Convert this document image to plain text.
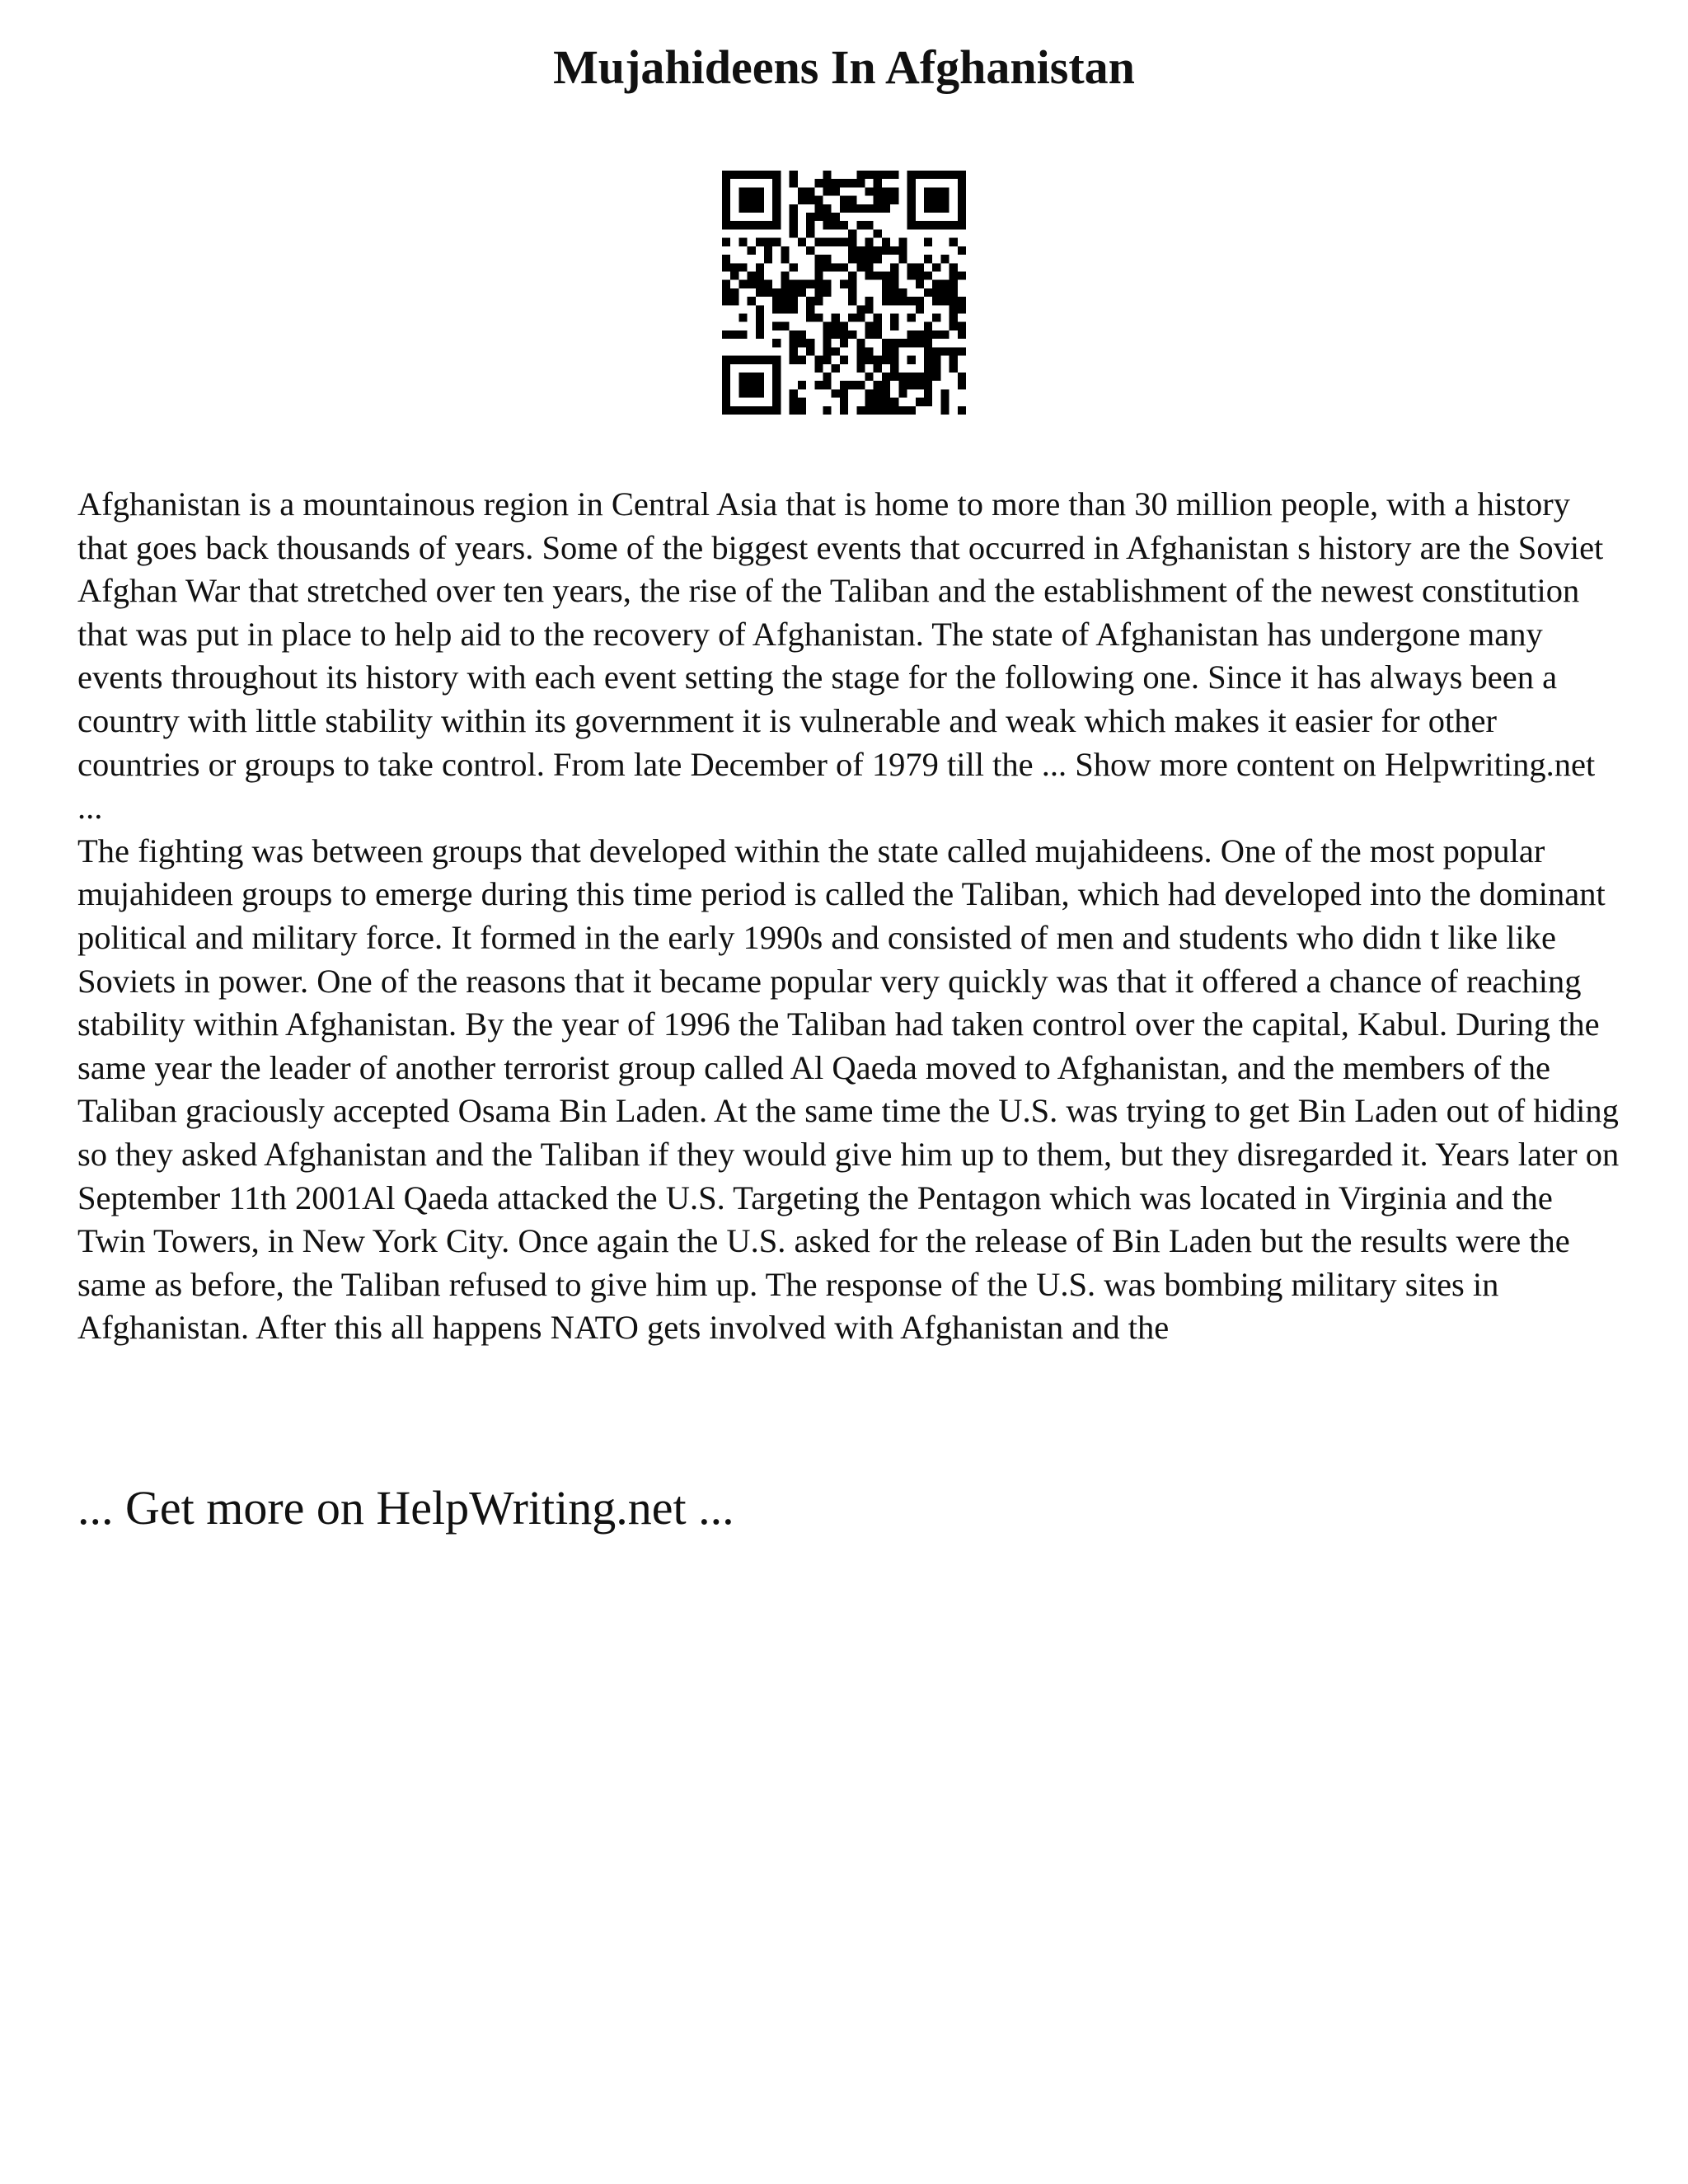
Mujahideens In Afghanistan

Afghanistan is a mountainous region in Central Asia that is home to more than 30 million people, with a history that goes back thousands of years. Some of the biggest events that occurred in Afghanistan s history are the Soviet Afghan War that stretched over ten years, the rise of the Taliban and the establishment of the newest constitution that was put in place to help aid to the recovery of Afghanistan. The state of Afghanistan has undergone many events throughout its history with each event setting the stage for the following one. Since it has always been a country with little stability within its government it is vulnerable and weak which makes it easier for other countries or groups to take control. From late December of 1979 till the ... Show more content on Helpwriting.net ...

The fighting was between groups that developed within the state called mujahideens. One of the most popular mujahideen groups to emerge during this time period is called the Taliban, which had developed into the dominant political and military force. It formed in the early 1990s and consisted of men and students who didn t like like Soviets in power. One of the reasons that it became popular very quickly was that it offered a chance of reaching stability within Afghanistan. By the year of 1996 the Taliban had taken control over the capital, Kabul. During the same year the leader of another terrorist group called Al Qaeda moved to Afghanistan, and the members of the Taliban graciously accepted Osama Bin Laden. At the same time the U.S. was trying to get Bin Laden out of hiding so they asked Afghanistan and the Taliban if they would give him up to them, but they disregarded it. Years later on September 11th 2001Al Qaeda attacked the U.S. Targeting the Pentagon which was located in Virginia and the Twin Towers, in New York City. Once again the U.S. asked for the release of Bin Laden but the results were the same as before, the Taliban refused to give him up. The response of the U.S. was bombing military sites in Afghanistan. After this all happens NATO gets involved with Afghanistan and the

... Get more on HelpWriting.net ...
